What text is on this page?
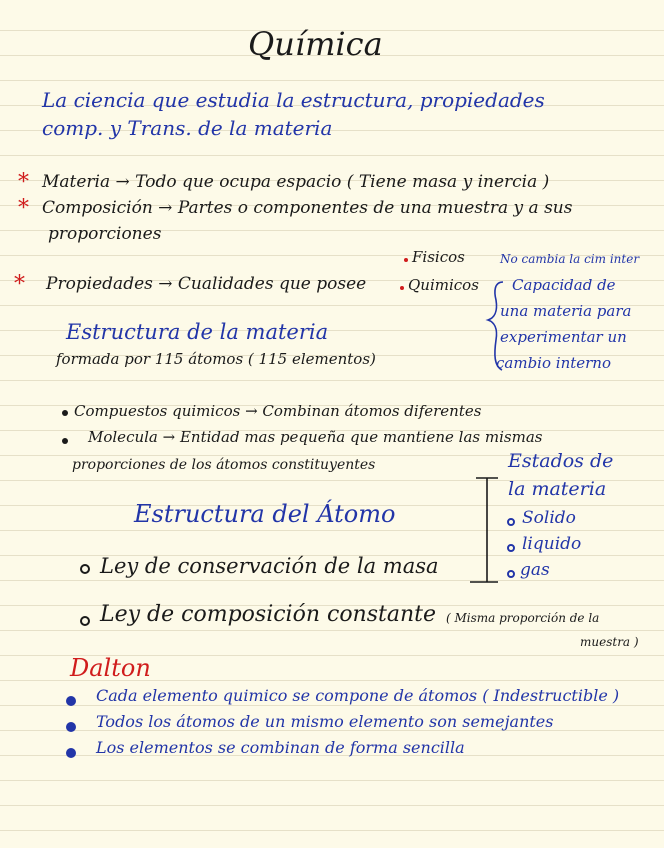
Química
La ciencia que estudia la estructura, propiedades
comp. y Trans. de la materia
* Materia → Todo que ocupa espacio ( Tiene masa y inercia )
* Composición → Partes o componentes de una muestra y a sus
proporciones
Fisicos	No cambia la cim inter
* Propiedades → Cualidades que posee	Quimicos Capacidad de
una materia para
experimentar un
cambio interno
Estructura de la materia
formada por 115 átomos ( 115 elementos)
Compuestos quimicos → Combinan átomos diferentes
Molecula → Entidad mas pequeña que mantiene las mismas
proporciones de los átomos constituyentes	Estados de
la materia
Solido
liquido
gas
Estructura del Átomo
Ley de conservación de la masa
Ley de composición constante ( Misma proporción de la
muestra )
Dalton
Cada elemento quimico se compone de átomos ( Indestructible )
Todos los átomos de un mismo elemento son semejantes
Los elementos se combinan de forma sencilla
